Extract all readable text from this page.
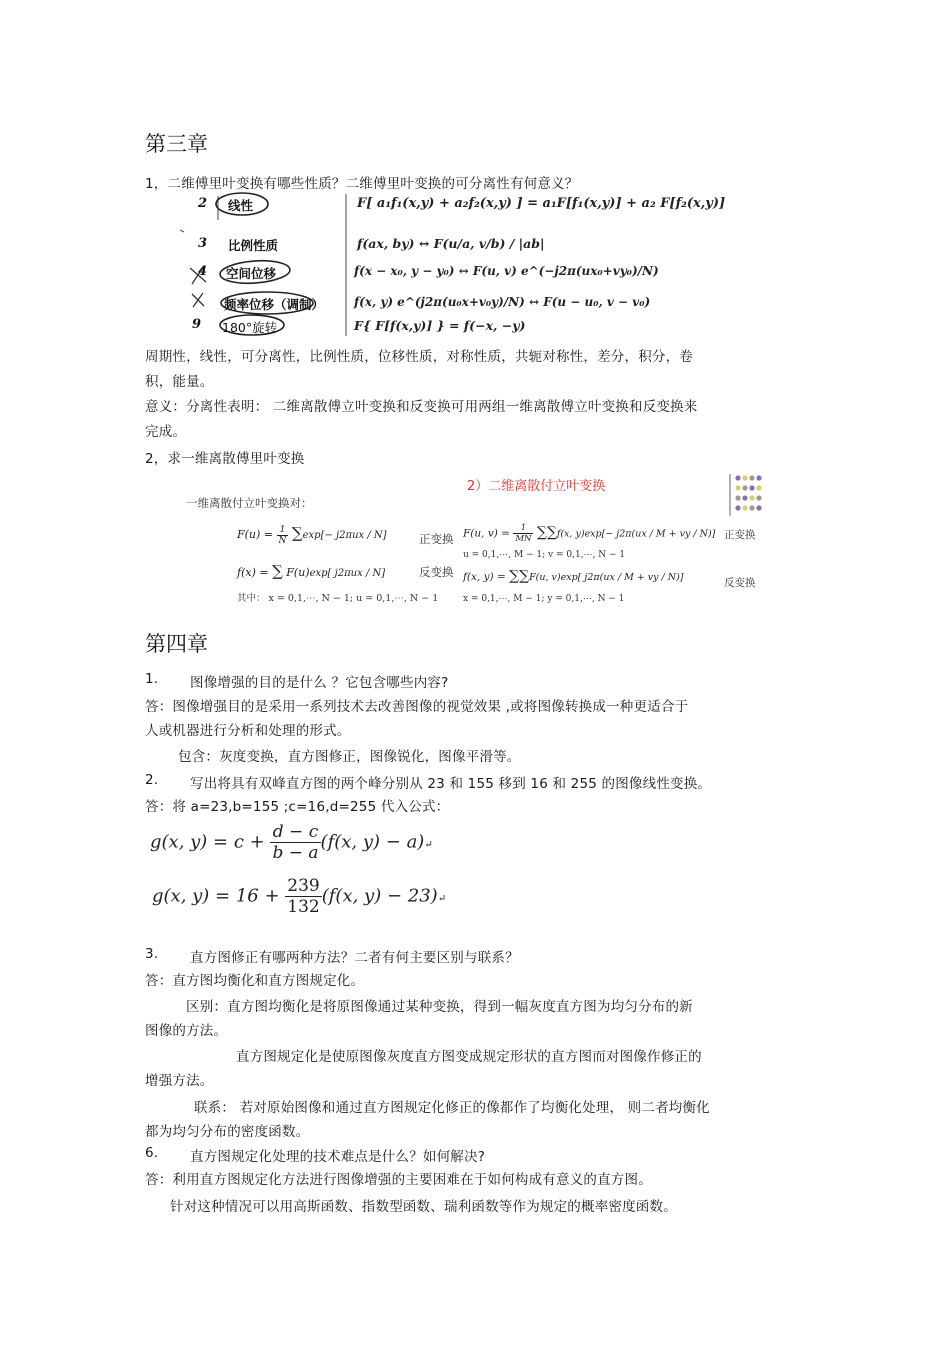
第三章
1，二维傅里叶变换有哪些性质？二维傅里叶变换的可分离性有何意义？
2 线性	F[ a₁f₁(x,y) + a₂f₂(x,y) ] = a₁F[f₁(x,y)] + a₂ F[f₂(x,y)]
3 比例性质	f(ax, by) ↔ F(u/a, v/b) / |ab|
4 空间位移	f(x − x₀, y − y₀) ↔ F(u, v) e^(−j2π(ux₀+vy₀)/N)
频率位移（调制） f(x, y) e^(j2π(u₀x+v₀y)/N) ↔ F(u − u₀, v − v₀)
9 180°旋转	F{ F[f(x,y)] } = f(−x, −y)
周期性，线性，可分离性，比例性质，位移性质，对称性质，共轭对称性，差分，积分，卷
积，能量。
意义：分离性表明： 二维离散傅立叶变换和反变换可用两组一维离散傅立叶变换和反变换来
完成。
2，求一维离散傅里叶变换
2）二维离散付立叶变换
一维离散付立叶变换对：
$F(u) = \frac{1}{N} \sum\exp[- j2\pi ux / N]$	正变换
f(x) = ∑ F(u)exp[ j2πux / N]	反变换
其中： x = 0,1,⋯, N − 1; u = 0,1,⋯, N − 1
F(u, $v) = \frac{1}{MN} \sum\sum f(x$, y)exp[− j2π(ux / M + vy / N)] 正变换
u = 0,1,⋯, M − 1; v = 0,1,⋯, N − 1
f(x, y) = ∑∑F(u, v)exp[ j2π(ux / M + vy / N)]	反变换
x = 0,1,⋯, M − 1; y = 0,1,⋯, N − 1
第四章
1. 图像增强的目的是什么 ？它包含哪些内容?
答：图像增强目的是采用一系列技术去改善图像的视觉效果 ,或将图像转换成一种更适合于
人或机器进行分析和处理的形式。
包含：灰度变换，直方图修正，图像锐化，图像平滑等。
2. 写出将具有双峰直方图的两个峰分别从 23 和 155 移到 16 和 255 的图像线性变换。
答：将 a=23,b=155 ;c=16,d=255 代入公式：
g(x, $y) = c + \frac{d - c}{b - a} (f(x$, y) − a)↵
g(x, $y) = 16 + \frac{239}{132} (f(x$, y) − 23)↵
3. 直方图修正有哪两种方法？二者有何主要区别与联系？
答：直方图均衡化和直方图规定化。
区别：直方图均衡化是将原图像通过某种变换，得到一幅灰度直方图为均匀分布的新
图像的方法。
直方图规定化是使原图像灰度直方图变成规定形状的直方图而对图像作修正的
增强方法。
联系： 若对原始图像和通过直方图规定化修正的像都作了均衡化处理， 则二者均衡化
都为均匀分布的密度函数。
6. 直方图规定化处理的技术难点是什么？如何解决?
答：利用直方图规定化方法进行图像增强的主要困难在于如何构成有意义的直方图。
针对这种情况可以用高斯函数、指数型函数、瑞利函数等作为规定的概率密度函数。
